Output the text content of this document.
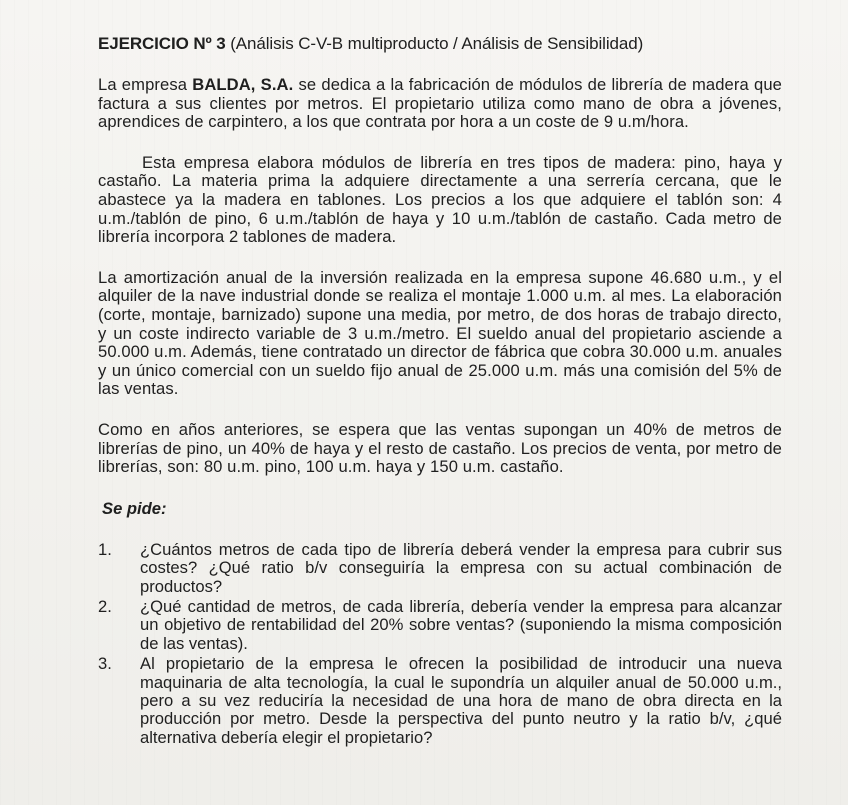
EJERCICIO Nº 3 (Análisis C-V-B multiproducto / Análisis de Sensibilidad)

La empresa BALDA, S.A. se dedica a la fabricación de módulos de librería de madera que factura a sus clientes por metros. El propietario utiliza como mano de obra a jóvenes, aprendices de carpintero, a los que contrata por hora a un coste de 9 u.m/hora.

Esta empresa elabora módulos de librería en tres tipos de madera: pino, haya y castaño. La materia prima la adquiere directamente a una serrería cercana, que le abastece ya la madera en tablones. Los precios a los que adquiere el tablón son: 4 u.m./tablón de pino, 6 u.m./tablón de haya y 10 u.m./tablón de castaño. Cada metro de librería incorpora 2 tablones de madera.

La amortización anual de la inversión realizada en la empresa supone 46.680 u.m., y el alquiler de la nave industrial donde se realiza el montaje 1.000 u.m. al mes. La elaboración (corte, montaje, barnizado) supone una media, por metro, de dos horas de trabajo directo, y un coste indirecto variable de 3 u.m./metro. El sueldo anual del propietario asciende a 50.000 u.m. Además, tiene contratado un director de fábrica que cobra 30.000 u.m. anuales y un único comercial con un sueldo fijo anual de 25.000 u.m. más una comisión del 5% de las ventas.

Como en años anteriores, se espera que las ventas supongan un 40% de metros de librerías de pino, un 40% de haya y el resto de castaño. Los precios de venta, por metro de librerías, son: 80 u.m. pino, 100 u.m. haya y 150 u.m. castaño.

Se pide:
1.	¿Cuántos metros de cada tipo de librería deberá vender la empresa para cubrir sus costes? ¿Qué ratio b/v conseguiría la empresa con su actual combinación de productos?
2.	¿Qué cantidad de metros, de cada librería, debería vender la empresa para alcanzar un objetivo de rentabilidad del 20% sobre ventas? (suponiendo la misma composición de las ventas).
3.	Al propietario de la empresa le ofrecen la posibilidad de introducir una nueva maquinaria de alta tecnología, la cual le supondría un alquiler anual de 50.000 u.m., pero a su vez reduciría la necesidad de una hora de mano de obra directa en la producción por metro. Desde la perspectiva del punto neutro y la ratio b/v, ¿qué alternativa debería elegir el propietario?
